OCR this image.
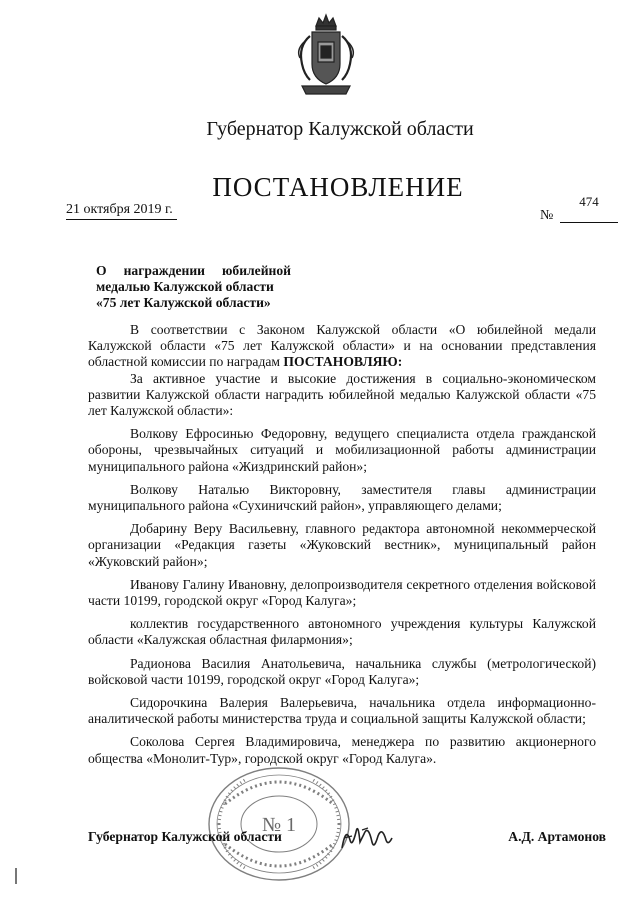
Губернатор Калужской области
ПОСТАНОВЛЕНИЕ
21 октября 2019 г.	№
474
О награждении юбилейной
медалью Калужской области
«75 лет Калужской области»

В соответствии с Законом Калужской области «О юбилейной медали Калужской области «75 лет Калужской области» и на основании представления областной комиссии по наградам ПОСТАНОВЛЯЮ:

За активное участие и высокие достижения в социально-экономическом развитии Калужской области наградить юбилейной медалью Калужской области «75 лет Калужской области»:

Волкову Ефросинью Федоровну, ведущего специалиста отдела гражданской обороны, чрезвычайных ситуаций и мобилизационной работы администрации муниципального района «Жиздринский район»;

Волкову Наталью Викторовну, заместителя главы администрации муниципального района «Сухиничский район», управляющего делами;

Добарину Веру Васильевну, главного редактора автономной некоммерческой организации «Редакция газеты «Жуковский вестник», муниципальный район «Жуковский район»;

Иванову Галину Ивановну, делопроизводителя секретного отделения войсковой части 10199, городской округ «Город Калуга»;

коллектив государственного автономного учреждения культуры Калужской области «Калужская областная филармония»;

Радионова Василия Анатольевича, начальника службы (метрологической) войсковой части 10199, городской округ «Город Калуга»;

Сидорочкина Валерия Валерьевича, начальника отдела информационно-аналитической работы министерства труда и социальной защиты Калужской области;

Соколова Сергея Владимировича, менеджера по развитию акционерного общества «Монолит-Тур», городской округ «Город Калуга».

№ 1
Губернатор Калужской области	А.Д. Артамонов
